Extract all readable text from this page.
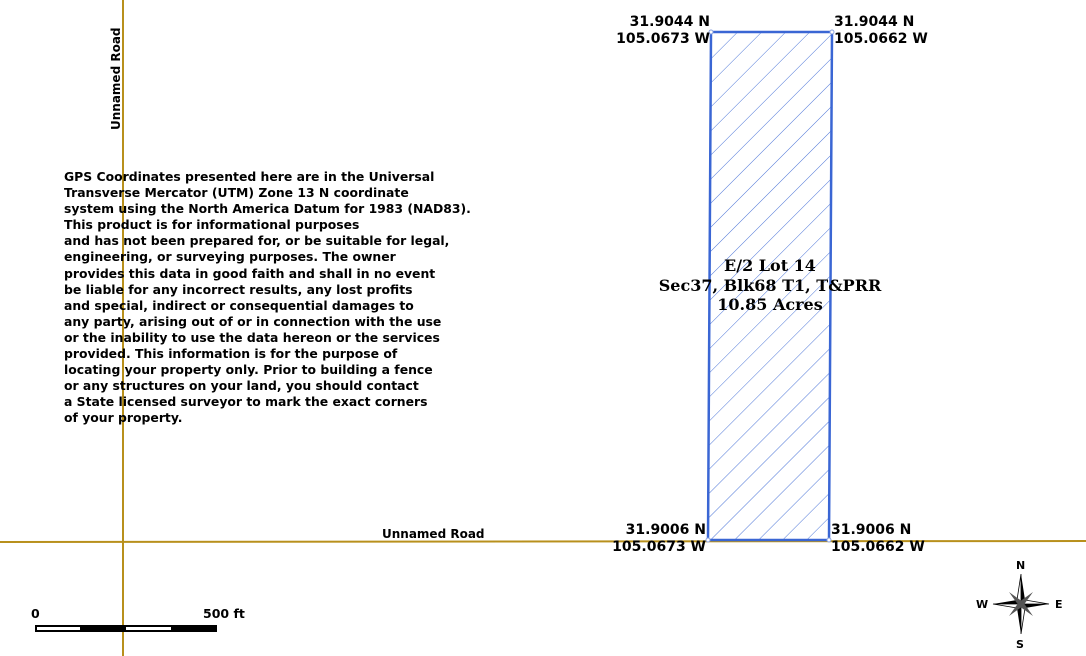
Unnamed Road
Unnamed Road
GPS Coordinates presented here are in the Universal
Transverse Mercator (UTM) Zone 13 N coordinate
system using the North America Datum for 1983 (NAD83).
This product is for informational purposes
and has not been prepared for, or be suitable for legal,
engineering, or surveying purposes. The owner
provides this data in good faith and shall in no event
be liable for any incorrect results, any lost profits
and special, indirect or consequential damages to
any party, arising out of or in connection with the use
or the inability to use the data hereon or the services
provided. This information is for the purpose of
locating your property only. Prior to building a fence
or any structures on your land, you should contact
a State licensed surveyor to mark the exact corners
of your property.
31.9044 N
105.0673 W
31.9044 N
105.0662 W
31.9006 N
105.0673 W
31.9006 N
105.0662 W
E/2 Lot 14
Sec37, Blk68 T1, T&PRR
10.85 Acres
0	500 ft
N
S
E
W
